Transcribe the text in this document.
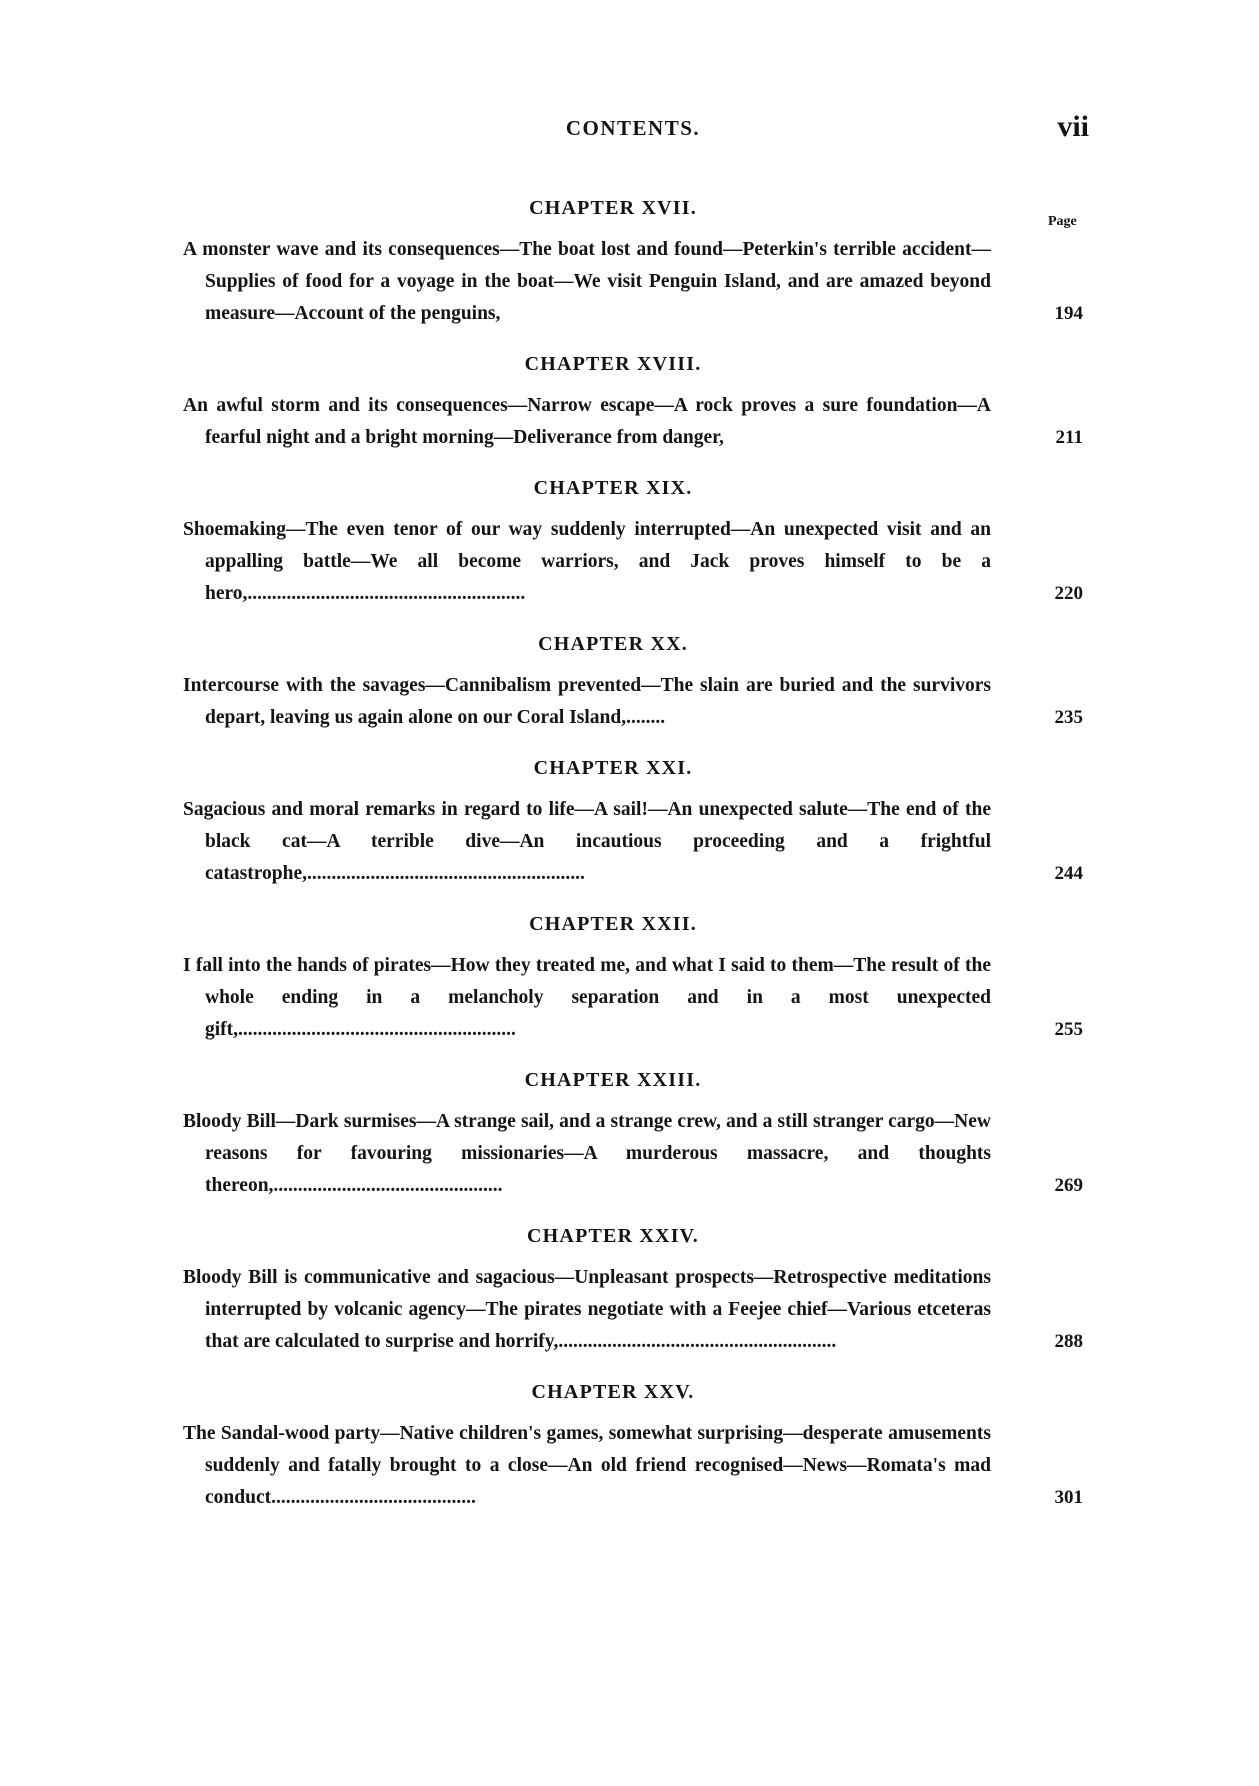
CONTENTS.	vii
Page
CHAPTER XVII.
A monster wave and its consequences—The boat lost and found—Peterkin's terrible accident—Supplies of food for a voyage in the boat—We visit Penguin Island, and are amazed beyond measure—Account of the penguins,	194
CHAPTER XVIII.
An awful storm and its consequences—Narrow escape—A rock proves a sure foundation—A fearful night and a bright morning—Deliverance from danger,	211
CHAPTER XIX.
Shoemaking—The even tenor of our way suddenly interrupted—An unexpected visit and an appalling battle—We all become warriors, and Jack proves himself to be a hero,.........................................................	220
CHAPTER XX.
Intercourse with the savages—Cannibalism prevented—The slain are buried and the survivors depart, leaving us again alone on our Coral Island,........	235
CHAPTER XXI.
Sagacious and moral remarks in regard to life—A sail!—An unexpected salute—The end of the black cat—A terrible dive—An incautious proceeding and a frightful catastrophe,.........................................................	244
CHAPTER XXII.
I fall into the hands of pirates—How they treated me, and what I said to them—The result of the whole ending in a melancholy separation and in a most unexpected gift,.........................................................	255
CHAPTER XXIII.
Bloody Bill—Dark surmises—A strange sail, and a strange crew, and a still stranger cargo—New reasons for favouring missionaries—A murderous massacre, and thoughts thereon,...............................................	269
CHAPTER XXIV.
Bloody Bill is communicative and sagacious—Unpleasant prospects—Retrospective meditations interrupted by volcanic agency—The pirates negotiate with a Feejee chief—Various etceteras that are calculated to surprise and horrify,.........................................................	288
CHAPTER XXV.
The Sandal-wood party—Native children's games, somewhat surprising—desperate amusements suddenly and fatally brought to a close—An old friend recognised—News—Romata's mad conduct..........................................	301
